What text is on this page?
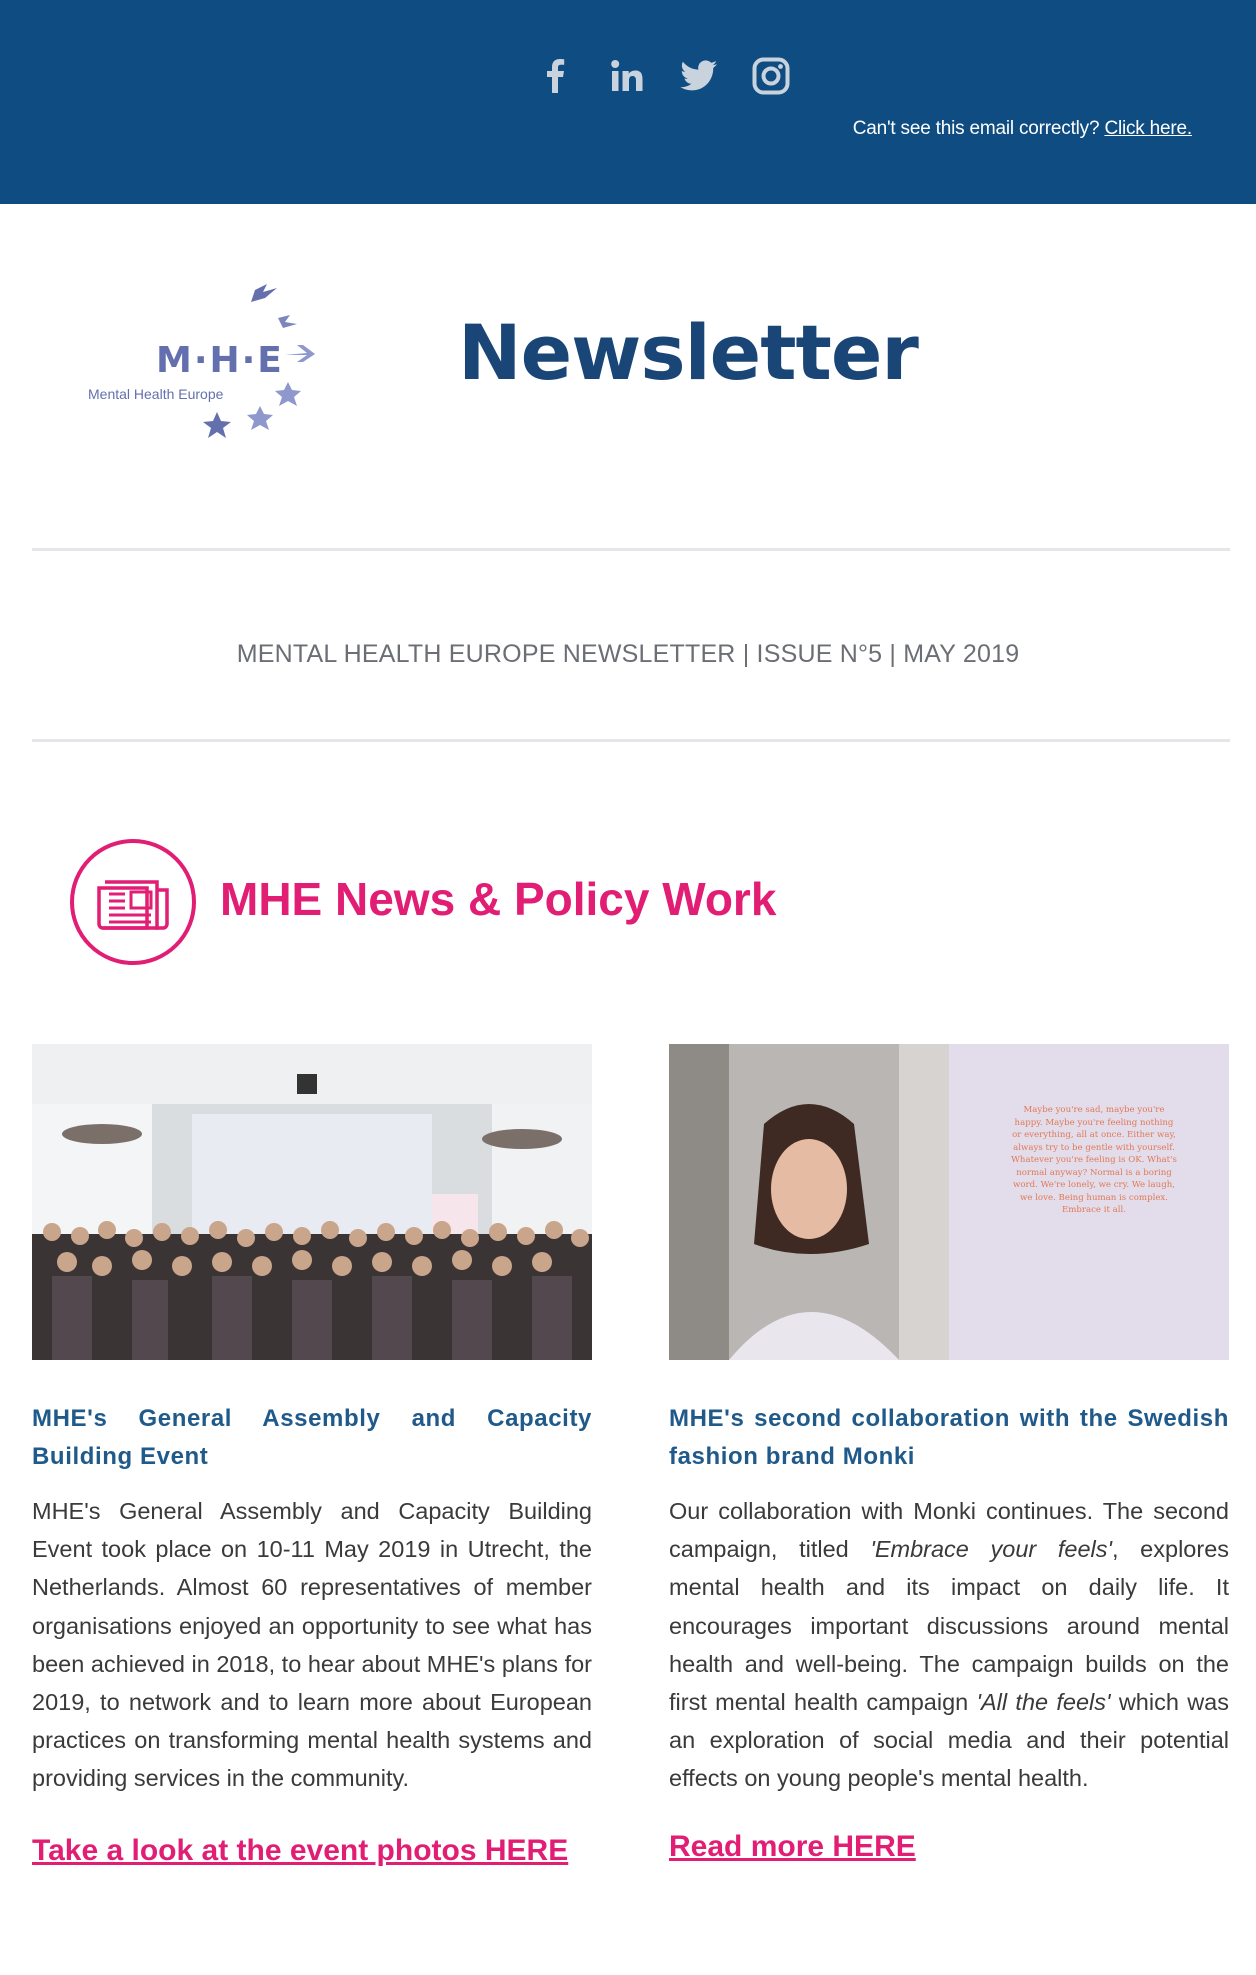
Can't see this email correctly? Click here.
M·H·E
Mental Health Europe	Newsletter
MENTAL HEALTH EUROPE NEWSLETTER | ISSUE N°5 | MAY 2019
MHE News & Policy Work
MHE's General Assembly and Capacity Building Event
MHE's General Assembly and Capacity Building Event took place on 10-11 May 2019 in Utrecht, the Netherlands. Almost 60 representatives of member organisations enjoyed an opportunity to see what has been achieved in 2018, to hear about MHE's plans for 2019, to network and to learn more about European practices on transforming mental health systems and providing services in the community.
Take a look at the event photos HERE
Maybe you're sad, maybe you're happy. Maybe you're feeling nothing or everything, all at once. Either way, always try to be gentle with yourself. Whatever you're feeling is OK. What's normal anyway? Normal is a boring word. We're lonely, we cry. We laugh, we love. Being human is complex. Embrace it all.
MHE's second collaboration with the Swedish fashion brand Monki
Our collaboration with Monki continues. The second campaign, titled 'Embrace your feels', explores mental health and its impact on daily life. It encourages important discussions around mental health and well-being. The campaign builds on the first mental health campaign 'All the feels' which was an exploration of social media and their potential effects on young people's mental health.
Read more HERE
